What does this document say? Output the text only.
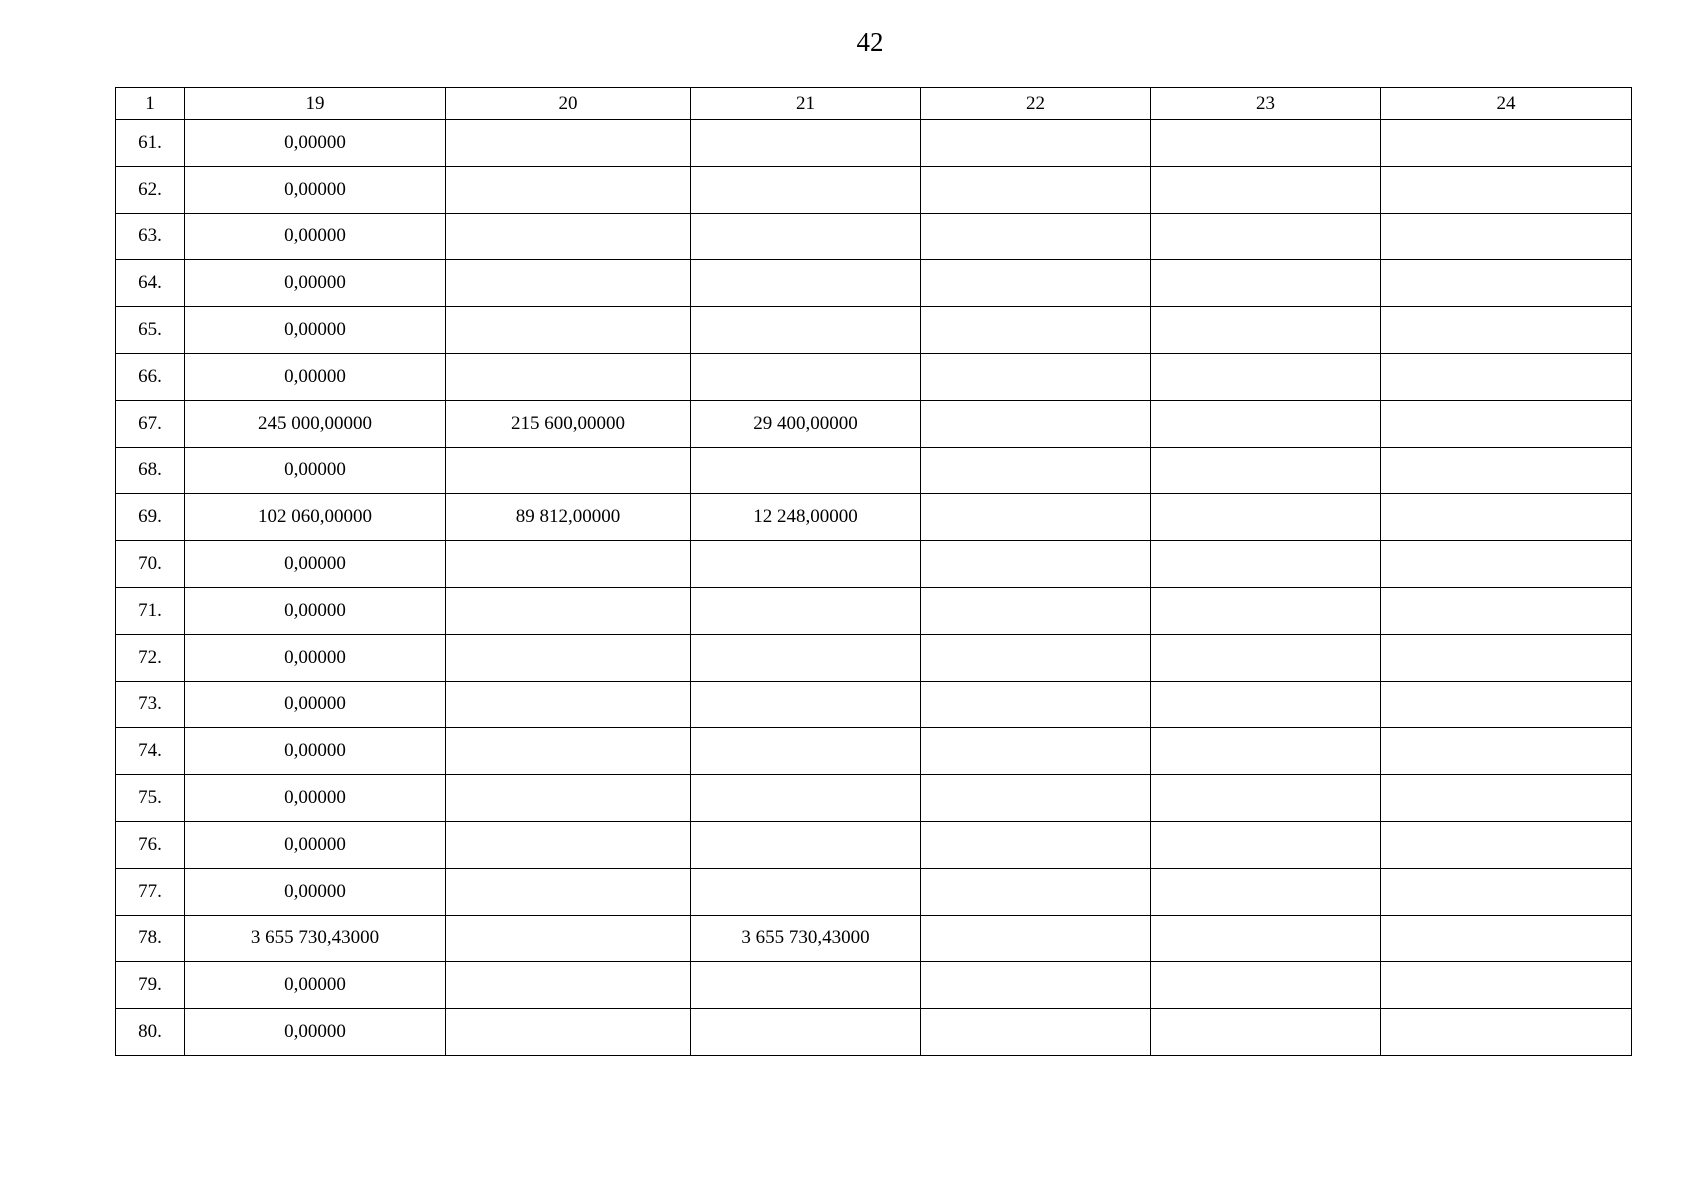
42
1	19	20	21	22	23	24
61.	0,00000					
62.	0,00000					
63.	0,00000					
64.	0,00000					
65.	0,00000					
66.	0,00000					
67.	245 000,00000	215 600,00000	29 400,00000			
68.	0,00000					
69.	102 060,00000	89 812,00000	12 248,00000			
70.	0,00000					
71.	0,00000					
72.	0,00000					
73.	0,00000					
74.	0,00000					
75.	0,00000					
76.	0,00000					
77.	0,00000					
78.	3 655 730,43000		3 655 730,43000			
79.	0,00000					
80.	0,00000					
